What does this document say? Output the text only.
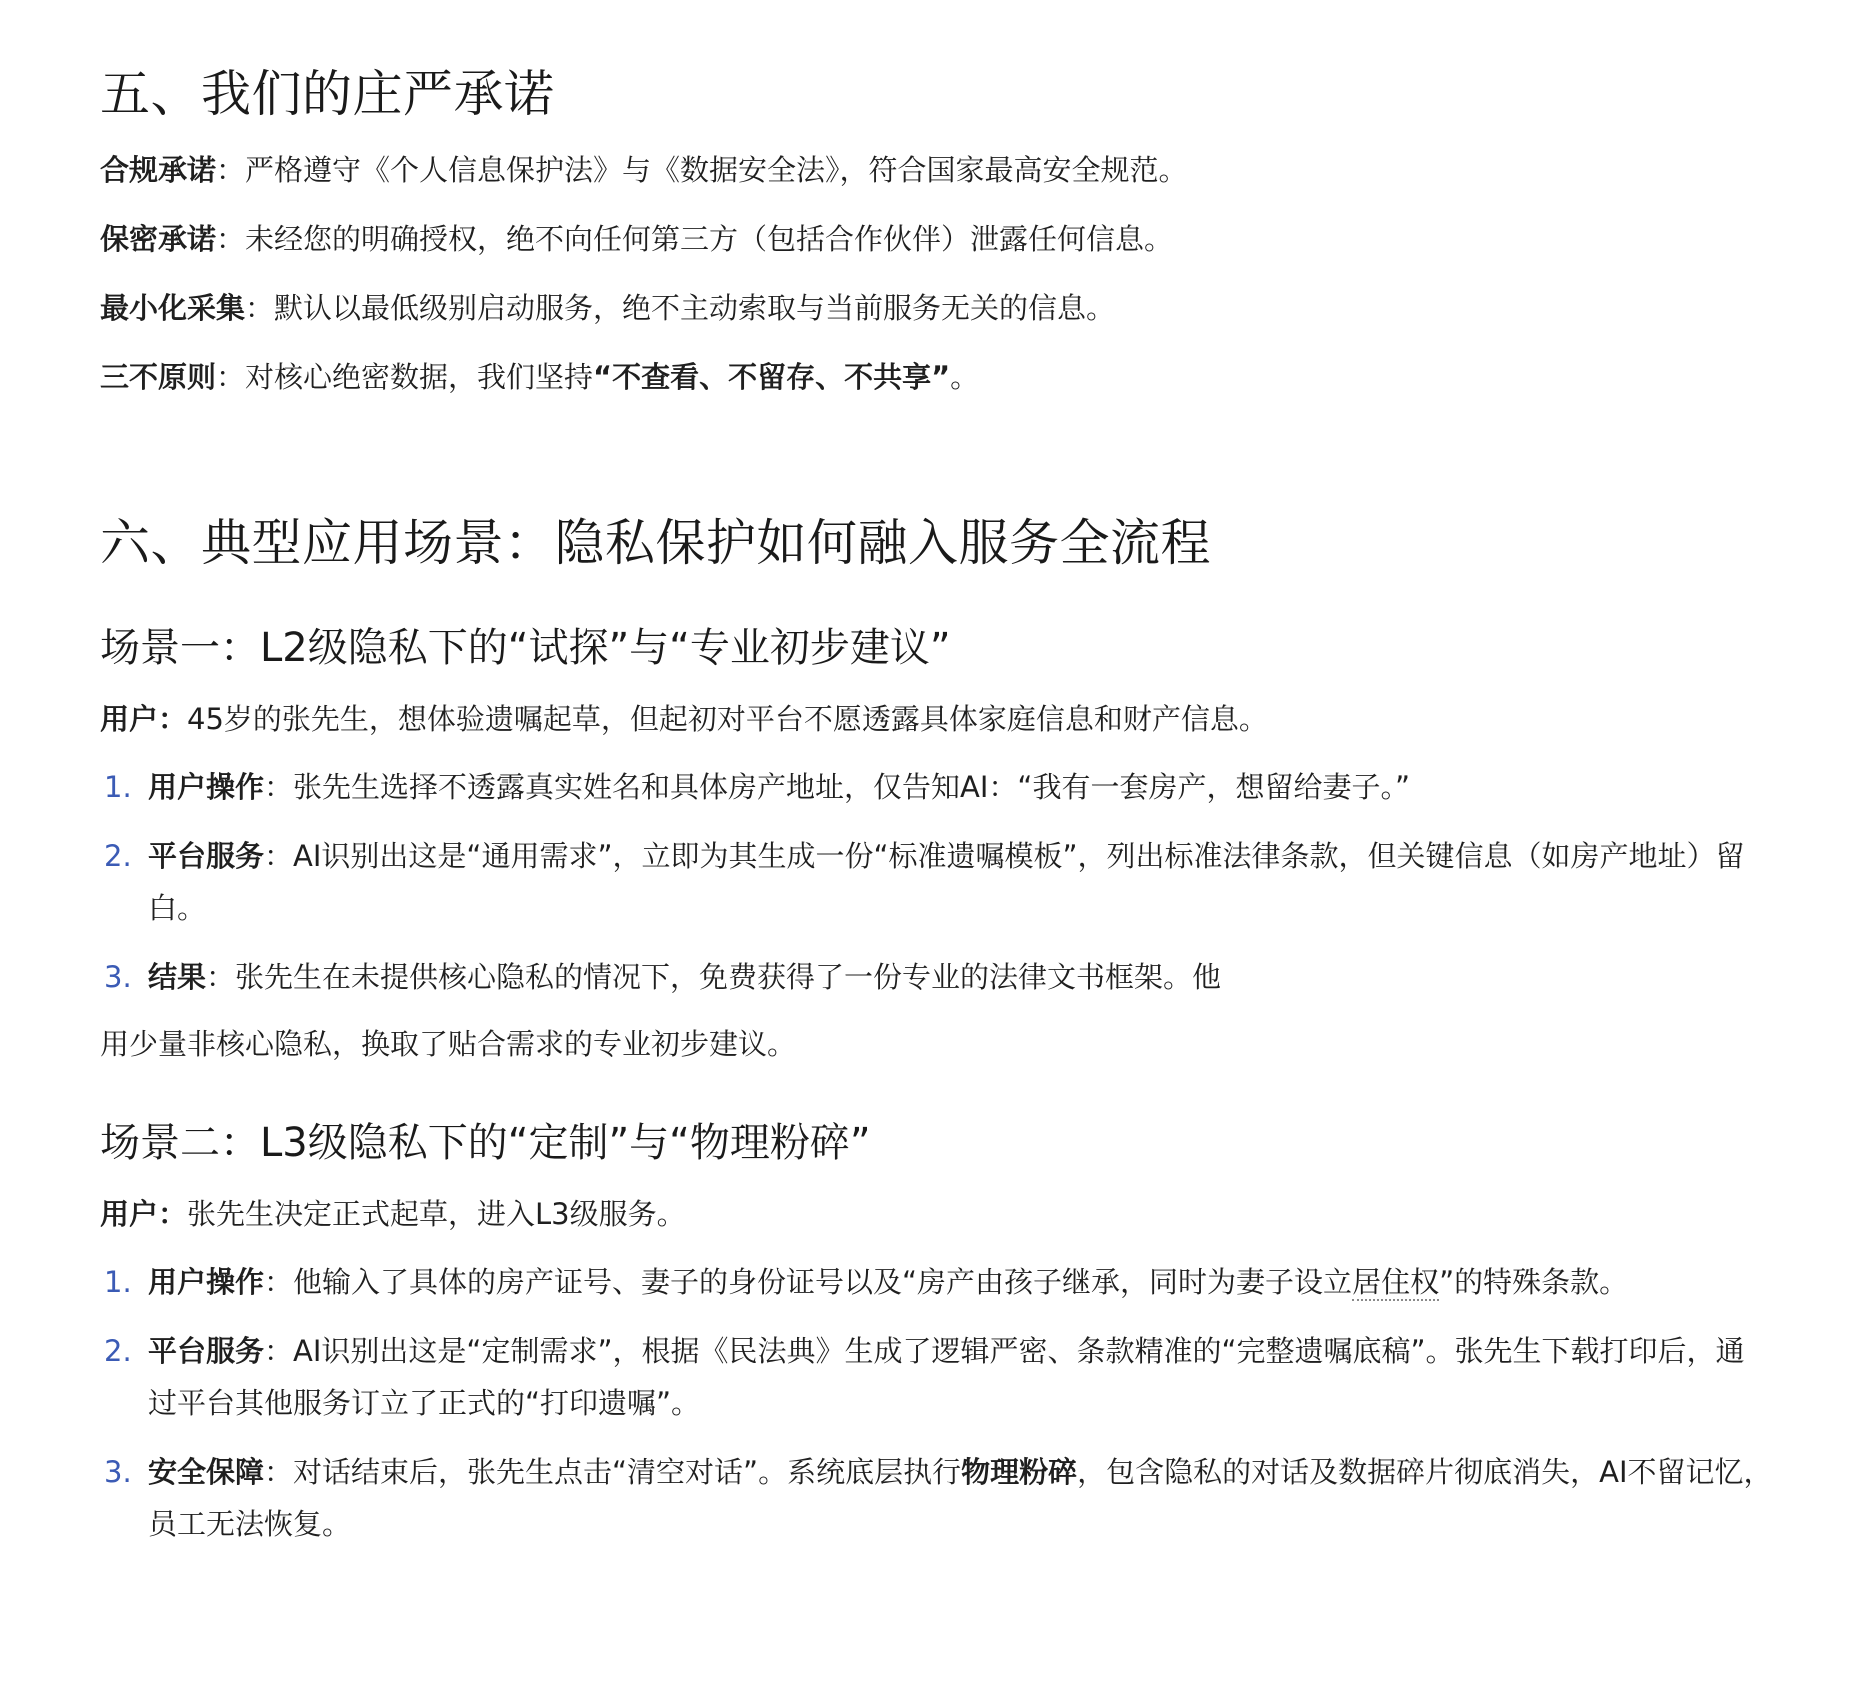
五、我们的庄严承诺

合规承诺：严格遵守《个人信息保护法》与《数据安全法》，符合国家最高安全规范。

保密承诺：未经您的明确授权，绝不向任何第三方（包括合作伙伴）泄露任何信息。

最小化采集：默认以最低级别启动服务，绝不主动索取与当前服务无关的信息。

三不原则：对核心绝密数据，我们坚持“不查看、不留存、不共享”。

六、典型应用场景：隐私保护如何融入服务全流程
场景一：L2级隐私下的“试探”与“专业初步建议”

用户：45岁的张先生，想体验遗嘱起草，但起初对平台不愿透露具体家庭信息和财产信息。

1. 用户操作：张先生选择不透露真实姓名和具体房产地址，仅告知AI：“我有一套房产，想留给妻子。”
2. 平台服务：AI识别出这是“通用需求”，立即为其生成一份“标准遗嘱模板”，列出标准法律条款，但关键信息（如房产地址）留白。
3. 结果：张先生在未提供核心隐私的情况下，免费获得了一份专业的法律文书框架。他

用少量非核心隐私，换取了贴合需求的专业初步建议。

场景二：L3级隐私下的“定制”与“物理粉碎”

用户：张先生决定正式起草，进入L3级服务。

1. 用户操作：他输入了具体的房产证号、妻子的身份证号以及“房产由孩子继承，同时为妻子设立居住权”的特殊条款。
2. 平台服务：AI识别出这是“定制需求”，根据《民法典》生成了逻辑严密、条款精准的“完整遗嘱底稿”。张先生下载打印后，通过平台其他服务订立了正式的“打印遗嘱”。
3. 安全保障：对话结束后，张先生点击“清空对话”。系统底层执行物理粉碎，包含隐私的对话及数据碎片彻底消失，AI不留记忆，员工无法恢复。
